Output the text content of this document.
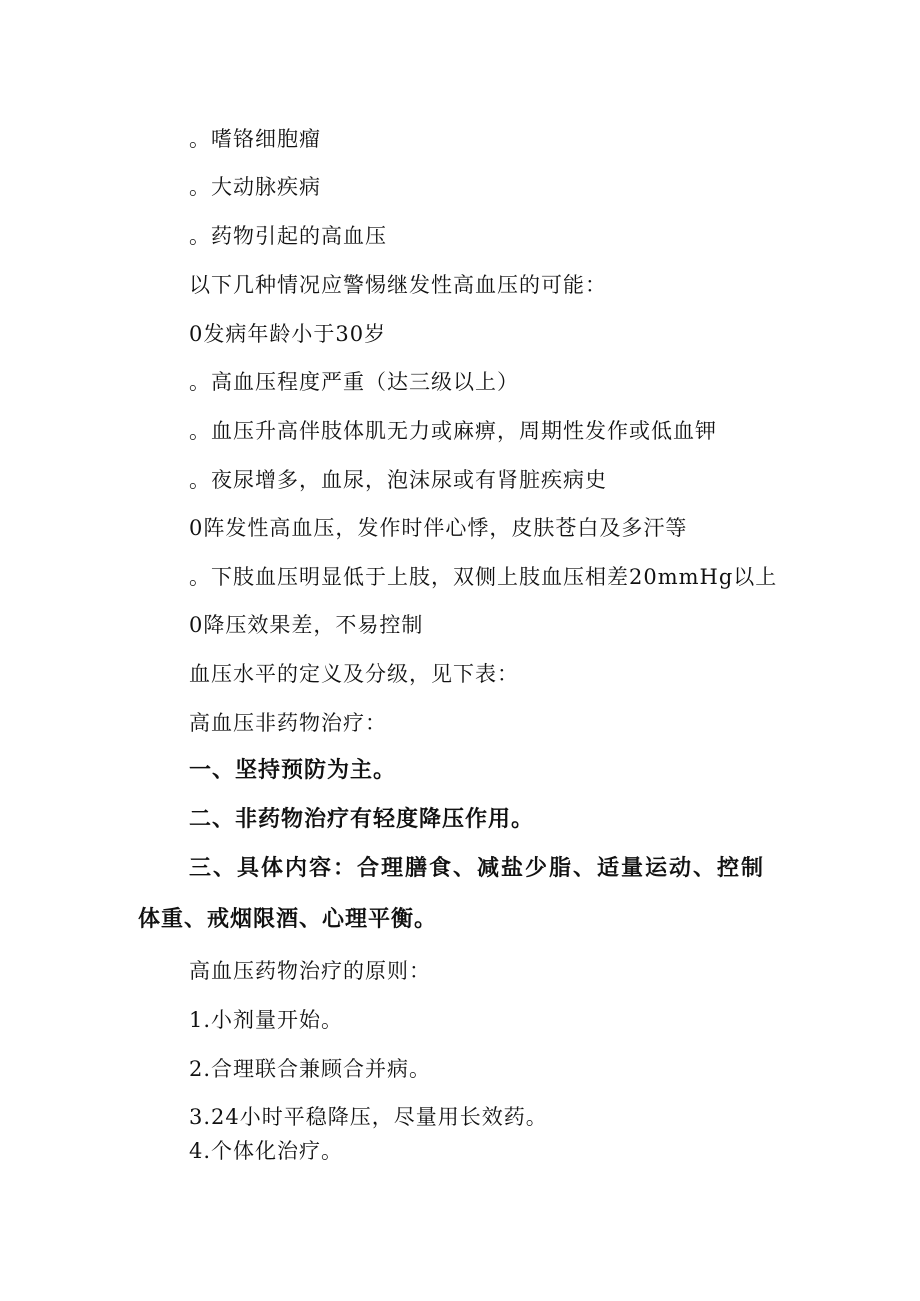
。嗜铬细胞瘤
。大动脉疾病
。药物引起的高血压
以下几种情况应警惕继发性高血压的可能：
0发病年龄小于30岁
。高血压程度严重（达三级以上）
。血压升高伴肢体肌无力或麻痹，周期性发作或低血钾
。夜尿增多，血尿，泡沫尿或有肾脏疾病史
0阵发性高血压，发作时伴心悸，皮肤苍白及多汗等
。下肢血压明显低于上肢，双侧上肢血压相差20mmHg以上
0降压效果差，不易控制
血压水平的定义及分级，见下表：
高血压非药物治疗：
一、坚持预防为主。
二、非药物治疗有轻度降压作用。
三、具体内容：合理膳食、减盐少脂、适量运动、控制
体重、戒烟限酒、心理平衡。
高血压药物治疗的原则：
1.小剂量开始。
2.合理联合兼顾合并病。
3.24小时平稳降压，尽量用长效药。
4.个体化治疗。
